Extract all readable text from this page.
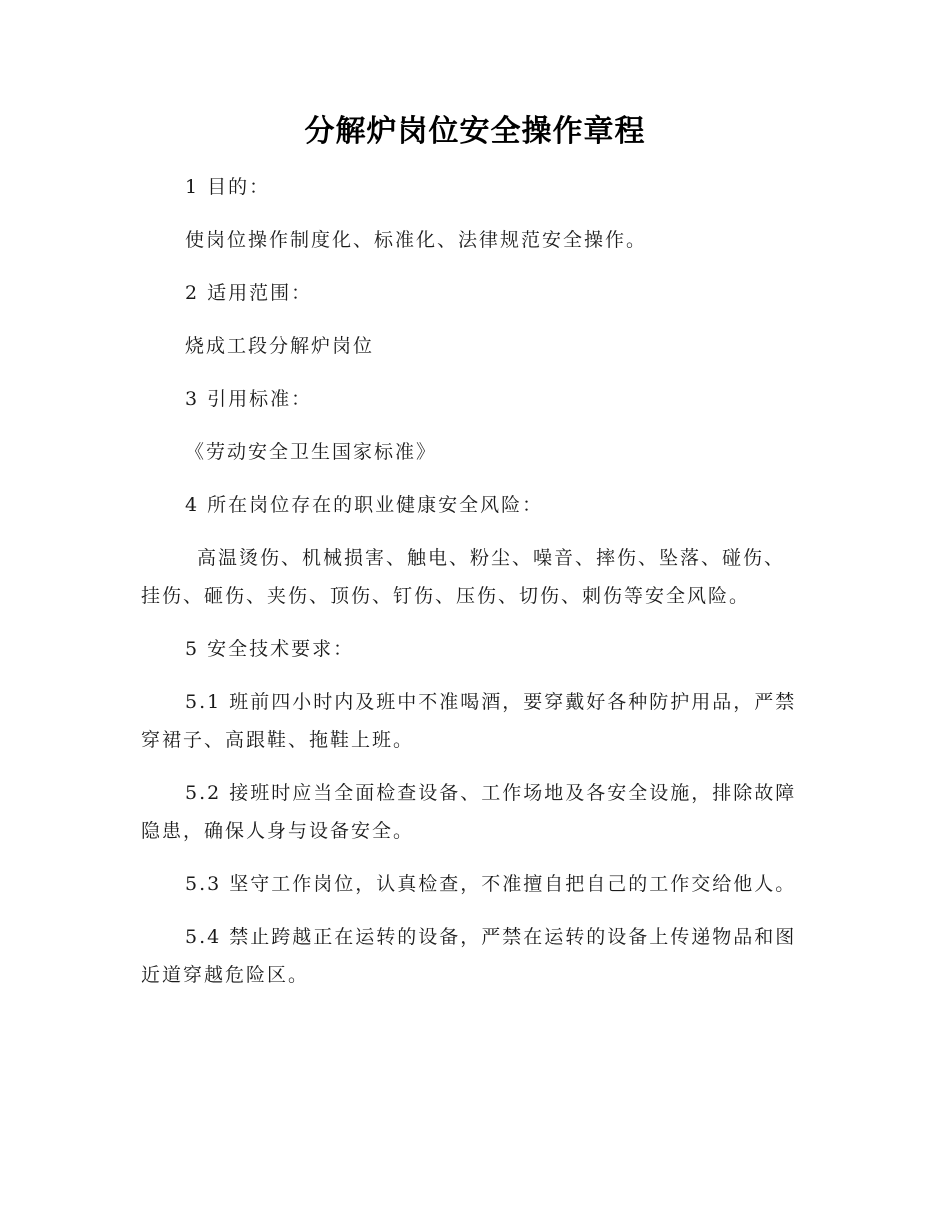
分解炉岗位安全操作章程

1 目的：

使岗位操作制度化、标准化、法律规范安全操作。

2 适用范围：

烧成工段分解炉岗位

3 引用标准：

《劳动安全卫生国家标准》

4 所在岗位存在的职业健康安全风险：

高温烫伤、机械损害、触电、粉尘、噪音、摔伤、坠落、碰伤、挂伤、砸伤、夹伤、顶伤、钉伤、压伤、切伤、刺伤等安全风险。

5 安全技术要求：

5.1 班前四小时内及班中不准喝酒，要穿戴好各种防护用品，严禁穿裙子、高跟鞋、拖鞋上班。

5.2 接班时应当全面检查设备、工作场地及各安全设施，排除故障隐患，确保人身与设备安全。

5.3 坚守工作岗位，认真检查，不准擅自把自己的工作交给他人。

5.4 禁止跨越正在运转的设备，严禁在运转的设备上传递物品和图近道穿越危险区。
